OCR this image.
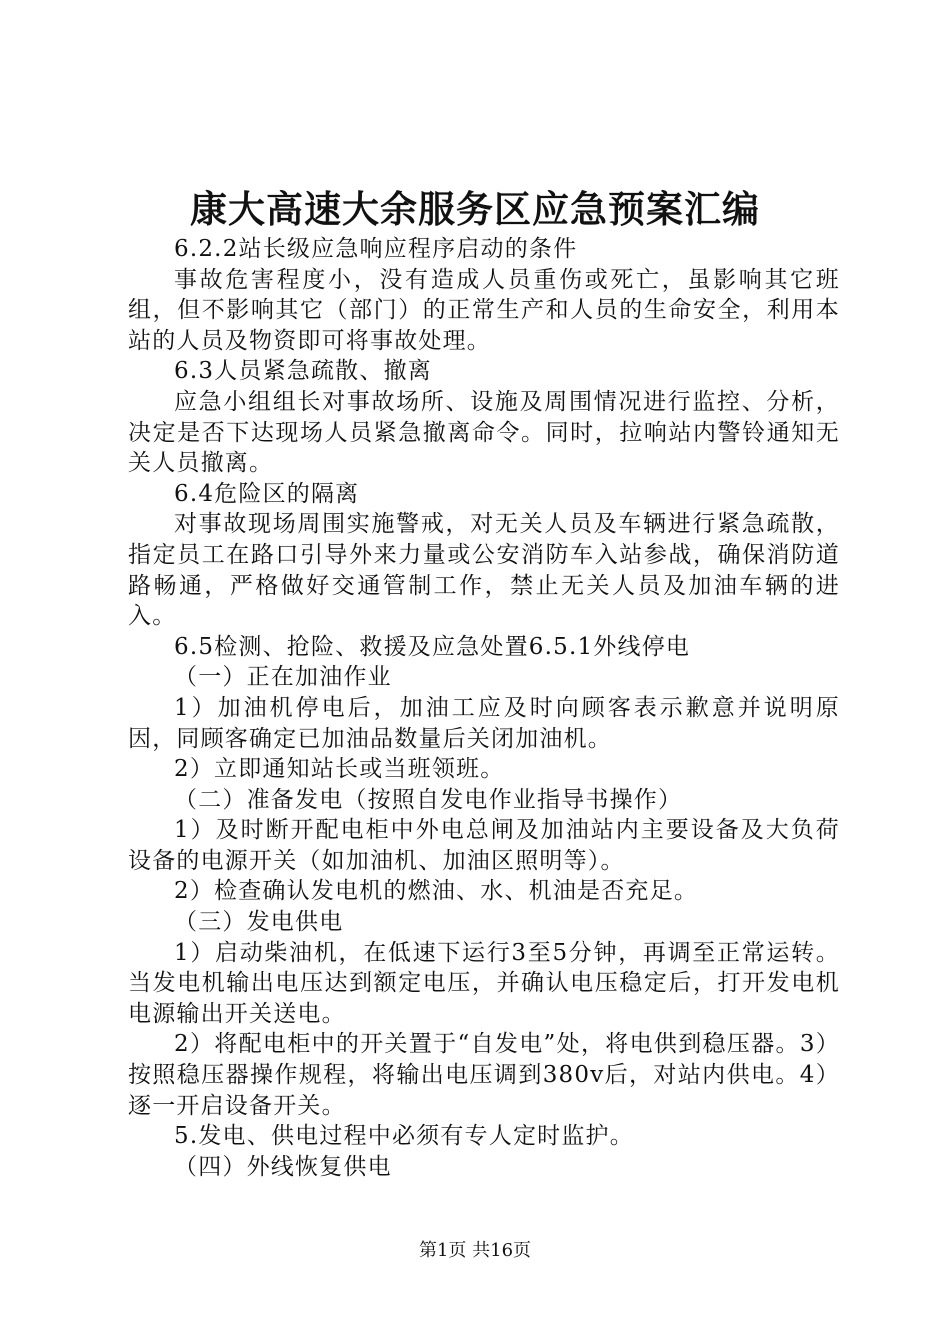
康大高速大余服务区应急预案汇编

6.2.2站长级应急响应程序启动的条件

事故危害程度小，没有造成人员重伤或死亡，虽影响其它班组，但不影响其它（部门）的正常生产和人员的生命安全，利用本站的人员及物资即可将事故处理。

6.3人员紧急疏散、撤离

应急小组组长对事故场所、设施及周围情况进行监控、分析，决定是否下达现场人员紧急撤离命令。同时，拉响站内警铃通知无关人员撤离。

6.4危险区的隔离

对事故现场周围实施警戒，对无关人员及车辆进行紧急疏散，指定员工在路口引导外来力量或公安消防车入站参战，确保消防道路畅通，严格做好交通管制工作，禁止无关人员及加油车辆的进入。

6.5检测、抢险、救援及应急处置6.5.1外线停电

（一）正在加油作业

1）加油机停电后，加油工应及时向顾客表示歉意并说明原因，同顾客确定已加油品数量后关闭加油机。

2）立即通知站长或当班领班。

（二）准备发电（按照自发电作业指导书操作）

1）及时断开配电柜中外电总闸及加油站内主要设备及大负荷设备的电源开关（如加油机、加油区照明等）。

2）检查确认发电机的燃油、水、机油是否充足。

（三）发电供电

1）启动柴油机，在低速下运行3至5分钟，再调至正常运转。当发电机输出电压达到额定电压，并确认电压稳定后，打开发电机电源输出开关送电。

2）将配电柜中的开关置于“自发电”处，将电供到稳压器。3）按照稳压器操作规程，将输出电压调到380v后，对站内供电。4）逐一开启设备开关。

5.发电、供电过程中必须有专人定时监护。

（四）外线恢复供电

第1页 共16页
